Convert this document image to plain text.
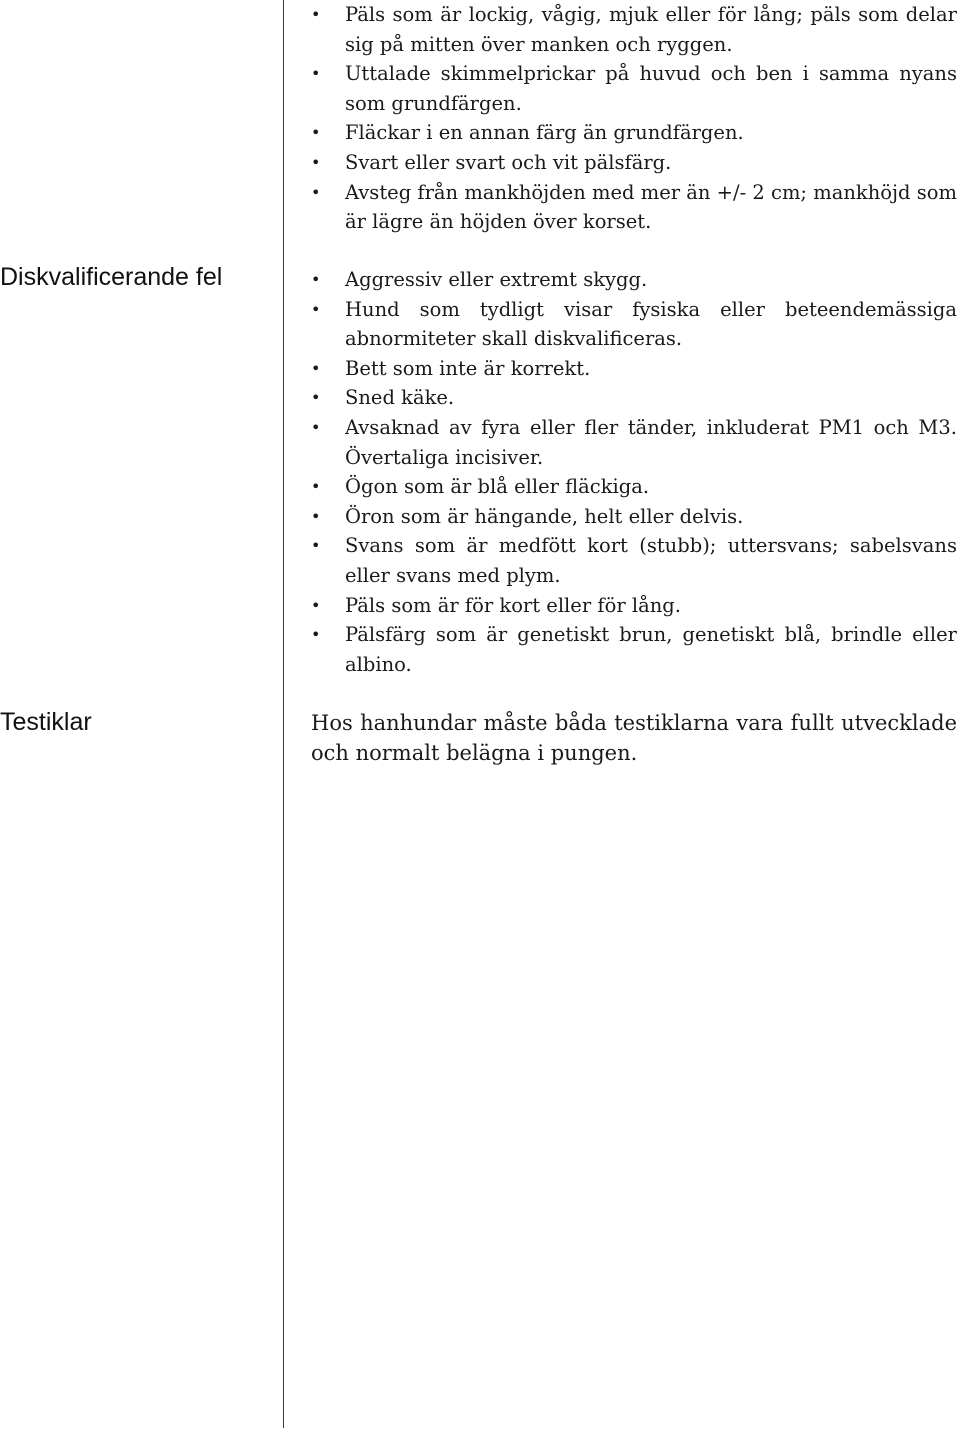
• Päls som är lockig, vågig, mjuk eller för lång; päls som delar sig på mitten över manken och ryggen.
• Uttalade skimmelprickar på huvud och ben i samma nyans som grundfärgen.
• Fläckar i en annan färg än grundfärgen.
• Svart eller svart och vit pälsfärg.
• Avsteg från mankhöjden med mer än +/- 2 cm; mankhöjd som är lägre än höjden över korset.
Diskvalificerande fel	• Aggressiv eller extremt skygg.
• Hund som tydligt visar fysiska eller beteendemässiga abnormiteter skall diskvalificeras.
• Bett som inte är korrekt.
• Sned käke.
• Avsaknad av fyra eller fler tänder, inkluderat PM1 och M3. Övertaliga incisiver.
• Ögon som är blå eller fläckiga.
• Öron som är hängande, helt eller delvis.
• Svans som är medfött kort (stubb); uttersvans; sabelsvans eller svans med plym.
• Päls som är för kort eller för lång.
• Pälsfärg som är genetiskt brun, genetiskt blå, brindle eller albino.
Testiklar	Hos hanhundar måste båda testiklarna vara fullt utvecklade och normalt belägna i pungen.
